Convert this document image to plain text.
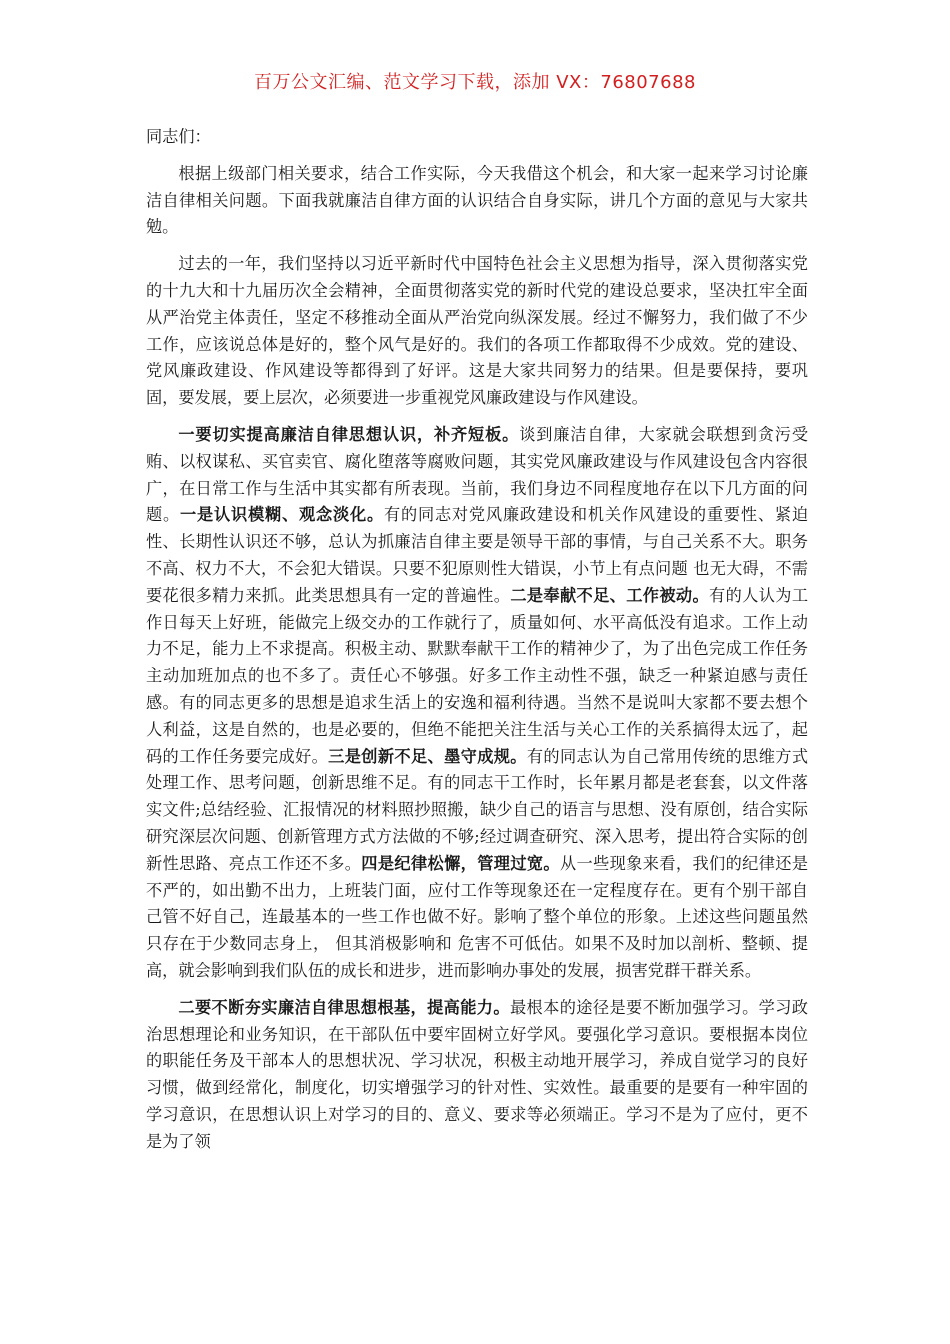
百万公文汇编、范文学习下载，添加 VX：76807688

同志们：

根据上级部门相关要求，结合工作实际，今天我借这个机会，和大家一起来学习讨论廉洁自律相关问题。下面我就廉洁自律方面的认识结合自身实际，讲几个方面的意见与大家共勉。

过去的一年，我们坚持以习近平新时代中国特色社会主义思想为指导，深入贯彻落实党的十九大和十九届历次全会精神，全面贯彻落实党的新时代党的建设总要求，坚决扛牢全面从严治党主体责任，坚定不移推动全面从严治党向纵深发展。经过不懈努力，我们做了不少工作，应该说总体是好的，整个风气是好的。我们的各项工作都取得不少成效。党的建设、党风廉政建设、作风建设等都得到了好评。这是大家共同努力的结果。但是要保持，要巩固，要发展，要上层次，必须要进一步重视党风廉政建设与作风建设。

一要切实提高廉洁自律思想认识，补齐短板。谈到廉洁自律，大家就会联想到贪污受贿、以权谋私、买官卖官、腐化堕落等腐败问题，其实党风廉政建设与作风建设包含内容很广，在日常工作与生活中其实都有所表现。当前，我们身边不同程度地存在以下几方面的问题。一是认识模糊、观念淡化。有的同志对党风廉政建设和机关作风建设的重要性、紧迫性、长期性认识还不够，总认为抓廉洁自律主要是领导干部的事情，与自己关系不大。职务不高、权力不大，不会犯大错误。只要不犯原则性大错误，小节上有点问题 也无大碍，不需要花很多精力来抓。此类思想具有一定的普遍性。二是奉献不足、工作被动。有的人认为工作日每天上好班，能做完上级交办的工作就行了，质量如何、水平高低没有追求。工作上动力不足，能力上不求提高。积极主动、默默奉献干工作的精神少了，为了出色完成工作任务主动加班加点的也不多了。责任心不够强。好多工作主动性不强，缺乏一种紧迫感与责任感。有的同志更多的思想是追求生活上的安逸和福利待遇。当然不是说叫大家都不要去想个人利益，这是自然的，也是必要的，但绝不能把关注生活与关心工作的关系搞得太远了，起码的工作任务要完成好。三是创新不足、墨守成规。有的同志认为自己常用传统的思维方式处理工作、思考问题，创新思维不足。有的同志干工作时，长年累月都是老套套，以文件落实文件;总结经验、汇报情况的材料照抄照搬，缺少自己的语言与思想、没有原创，结合实际研究深层次问题、创新管理方式方法做的不够;经过调查研究、深入思考，提出符合实际的创新性思路、亮点工作还不多。四是纪律松懈，管理过宽。从一些现象来看，我们的纪律还是不严的，如出勤不出力，上班装门面，应付工作等现象还在一定程度存在。更有个别干部自己管不好自己，连最基本的一些工作也做不好。影响了整个单位的形象。上述这些问题虽然只存在于少数同志身上， 但其消极影响和 危害不可低估。如果不及时加以剖析、整顿、提高，就会影响到我们队伍的成长和进步，进而影响办事处的发展，损害党群干群关系。

二要不断夯实廉洁自律思想根基，提高能力。最根本的途径是要不断加强学习。学习政治思想理论和业务知识，在干部队伍中要牢固树立好学风。要强化学习意识。要根据本岗位的职能任务及干部本人的思想状况、学习状况，积极主动地开展学习，养成自觉学习的良好习惯，做到经常化，制度化，切实增强学习的针对性、实效性。最重要的是要有一种牢固的学习意识，在思想认识上对学习的目的、意义、要求等必须端正。学习不是为了应付，更不是为了领
